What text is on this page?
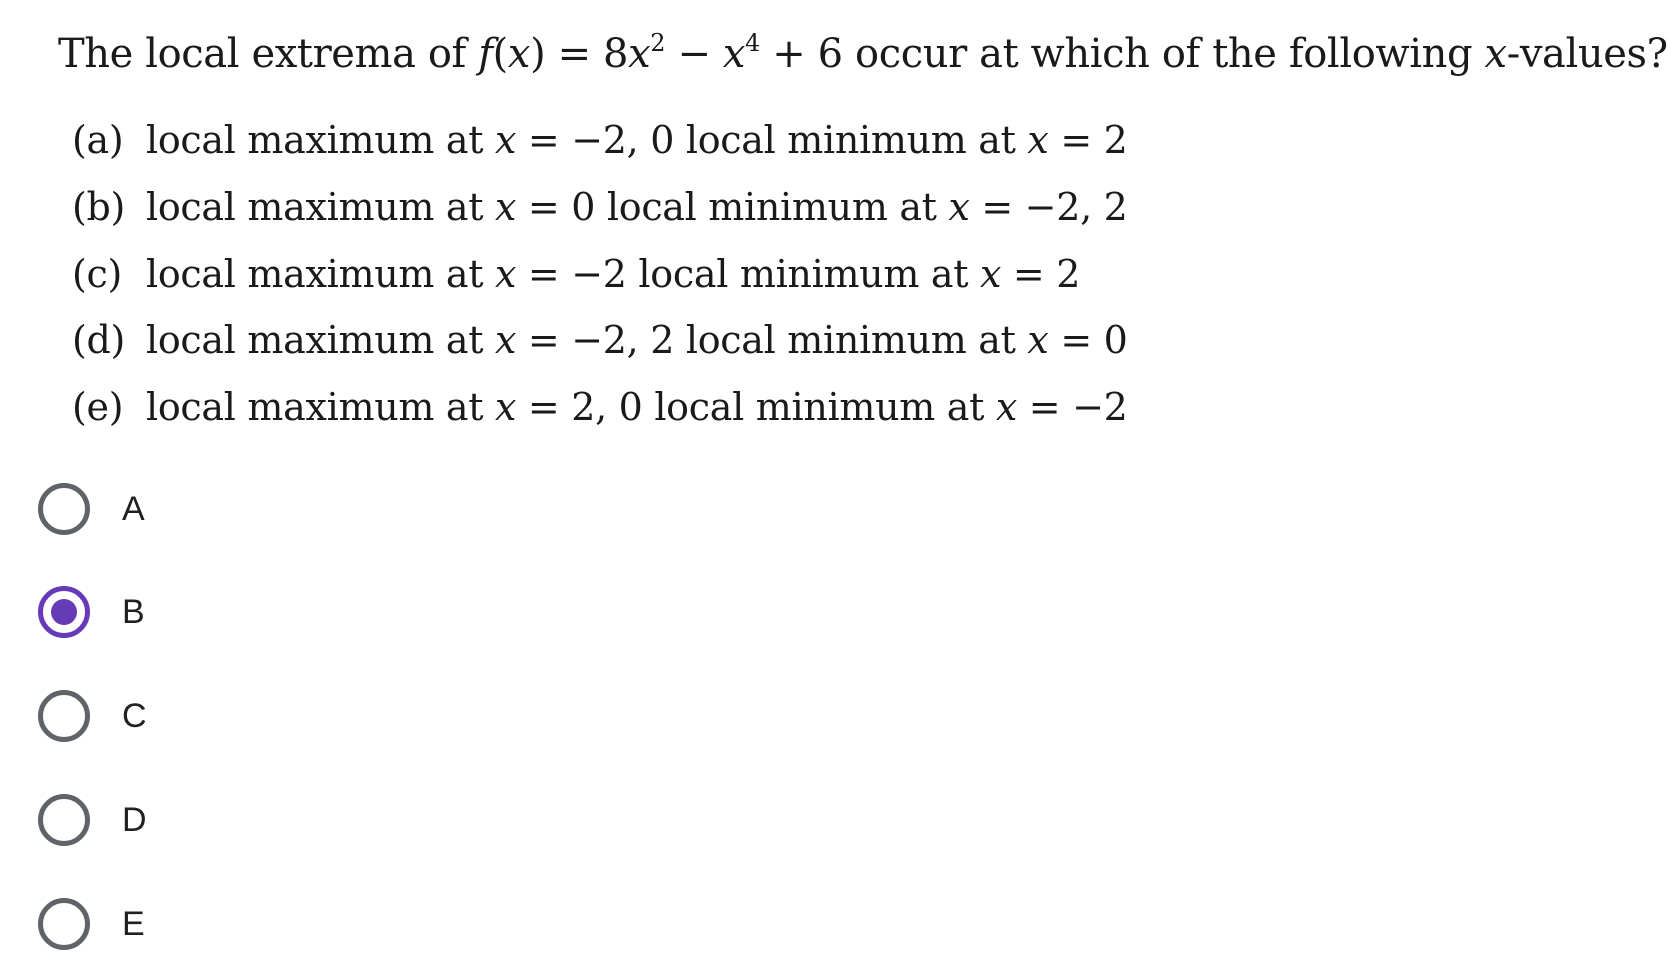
The local extrema of $f(x) = 8x^2 - x^4 + 6$ occur at which of the following x-values?
(a) local maximum at x = −2, 0 local minimum at x = 2
(b) local maximum at x = 0 local minimum at x = −2, 2
(c) local maximum at x = −2 local minimum at x = 2
(d) local maximum at x = −2, 2 local minimum at x = 0
(e) local maximum at x = 2, 0 local minimum at x = −2
A
B
C
D
E
